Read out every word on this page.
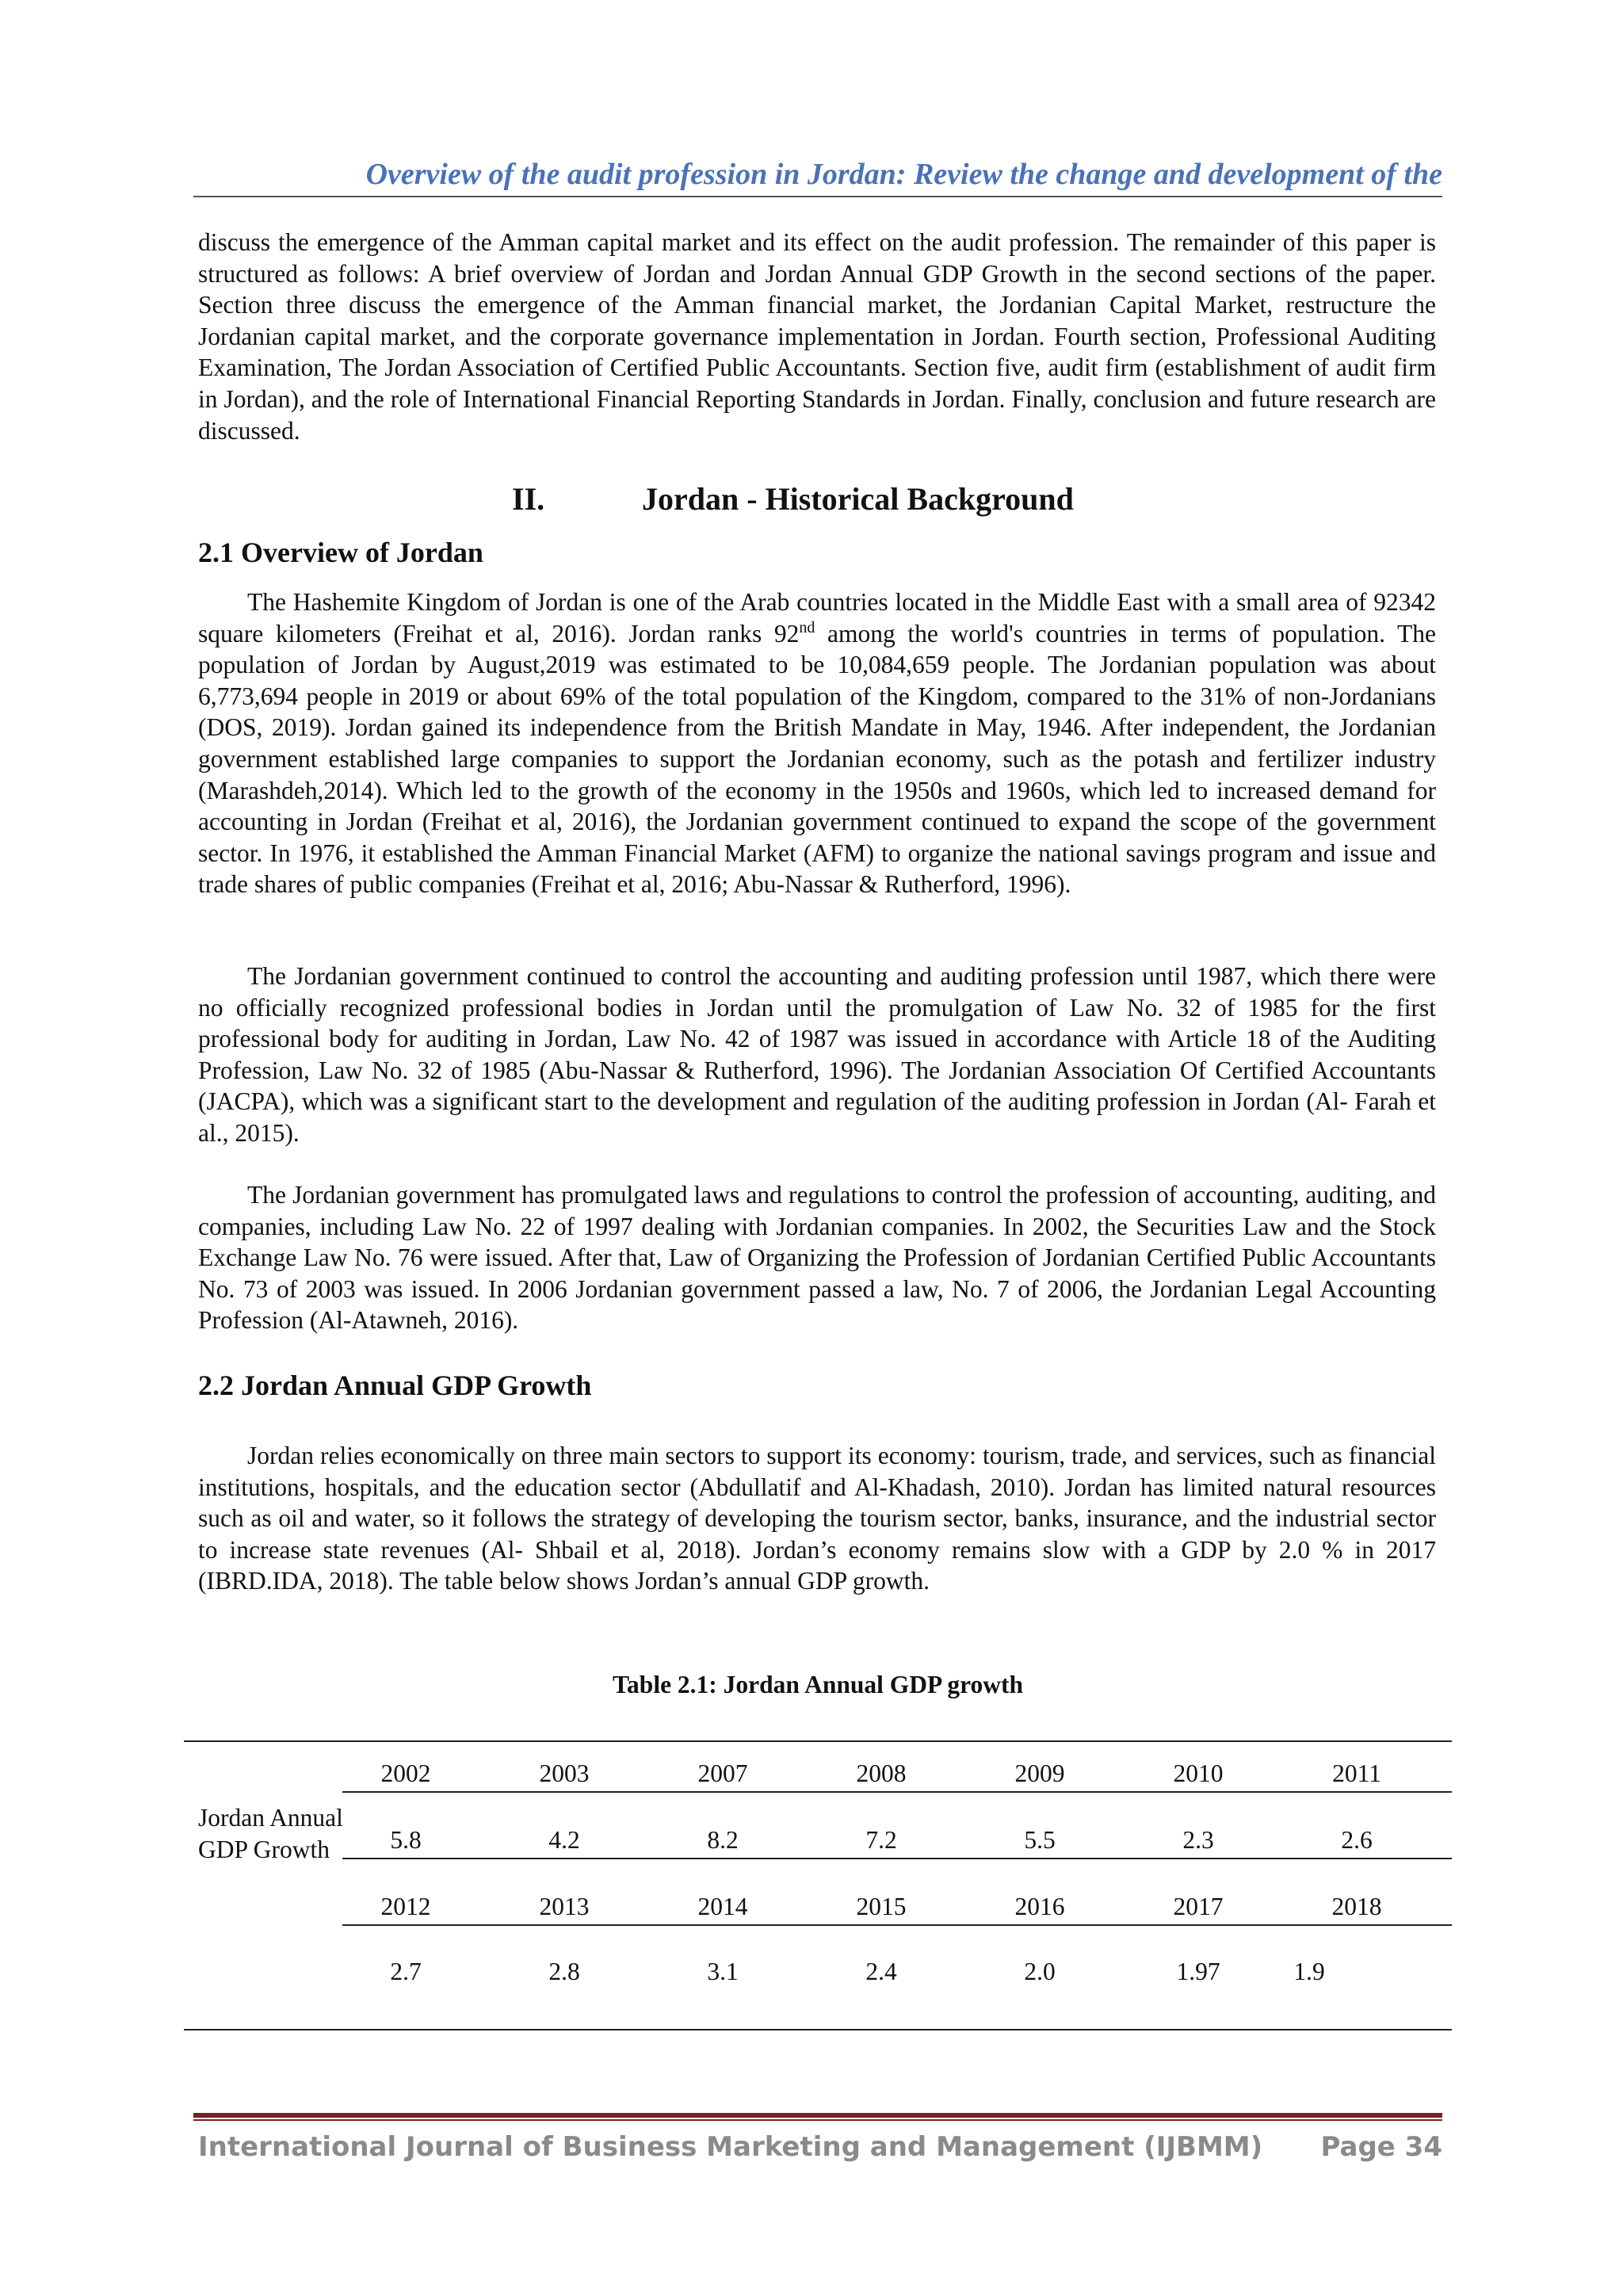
Overview of the audit profession in Jordan: Review the change and development of the
discuss the emergence of the Amman capital market and its effect on the audit profession. The remainder of this paper is structured as follows: A brief overview of Jordan and Jordan Annual GDP Growth in the second sections of the paper. Section three discuss the emergence of the Amman financial market, the Jordanian Capital Market, restructure the Jordanian capital market, and the corporate governance implementation in Jordan. Fourth section, Professional Auditing Examination, The Jordan Association of Certified Public Accountants. Section five, audit firm (establishment of audit firm in Jordan), and the role of International Financial Reporting Standards in Jordan. Finally, conclusion and future research are discussed.
II.	Jordan - Historical Background
2.1 Overview of Jordan
The Hashemite Kingdom of Jordan is one of the Arab countries located in the Middle East with a small area of 92342 square kilometers (Freihat et al, 2016). Jordan ranks 92nd among the world's countries in terms of population. The population of Jordan by August,2019 was estimated to be 10,084,659 people. The Jordanian population was about 6,773,694 people in 2019 or about 69% of the total population of the Kingdom, compared to the 31% of non-Jordanians (DOS, 2019). Jordan gained its independence from the British Mandate in May, 1946. After independent, the Jordanian government established large companies to support the Jordanian economy, such as the potash and fertilizer industry (Marashdeh,2014). Which led to the growth of the economy in the 1950s and 1960s, which led to increased demand for accounting in Jordan (Freihat et al, 2016), the Jordanian government continued to expand the scope of the government sector. In 1976, it established the Amman Financial Market (AFM) to organize the national savings program and issue and trade shares of public companies (Freihat et al, 2016; Abu-Nassar & Rutherford, 1996).
The Jordanian government continued to control the accounting and auditing profession until 1987, which there were no officially recognized professional bodies in Jordan until the promulgation of Law No. 32 of 1985 for the first professional body for auditing in Jordan, Law No. 42 of 1987 was issued in accordance with Article 18 of the Auditing Profession, Law No. 32 of 1985 (Abu-Nassar & Rutherford, 1996). The Jordanian Association Of Certified Accountants (JACPA), which was a significant start to the development and regulation of the auditing profession in Jordan (Al- Farah et al., 2015).
The Jordanian government has promulgated laws and regulations to control the profession of accounting, auditing, and companies, including Law No. 22 of 1997 dealing with Jordanian companies. In 2002, the Securities Law and the Stock Exchange Law No. 76 were issued. After that, Law of Organizing the Profession of Jordanian Certified Public Accountants No. 73 of 2003 was issued. In 2006 Jordanian government passed a law, No. 7 of 2006, the Jordanian Legal Accounting Profession (Al-Atawneh, 2016).
2.2 Jordan Annual GDP Growth
Jordan relies economically on three main sectors to support its economy: tourism, trade, and services, such as financial institutions, hospitals, and the education sector (Abdullatif and Al-Khadash, 2010). Jordan has limited natural resources such as oil and water, so it follows the strategy of developing the tourism sector, banks, insurance, and the industrial sector to increase state revenues (Al- Shbail et al, 2018). Jordan’s economy remains slow with a GDP by 2.0 % in 2017 (IBRD.IDA, 2018). The table below shows Jordan’s annual GDP growth.
Table 2.1: Jordan Annual GDP growth
Jordan Annual GDP Growth
2002	2003	2007	2008	2009	2010	2011
5.8	4.2	8.2	7.2	5.5	2.3	2.6
2012	2013	2014	2015	2016	2017	2018
2.7	2.8	3.1	2.4	2.0	1.97	1.9
International Journal of Business Marketing and Management (IJBMM) Page 34
